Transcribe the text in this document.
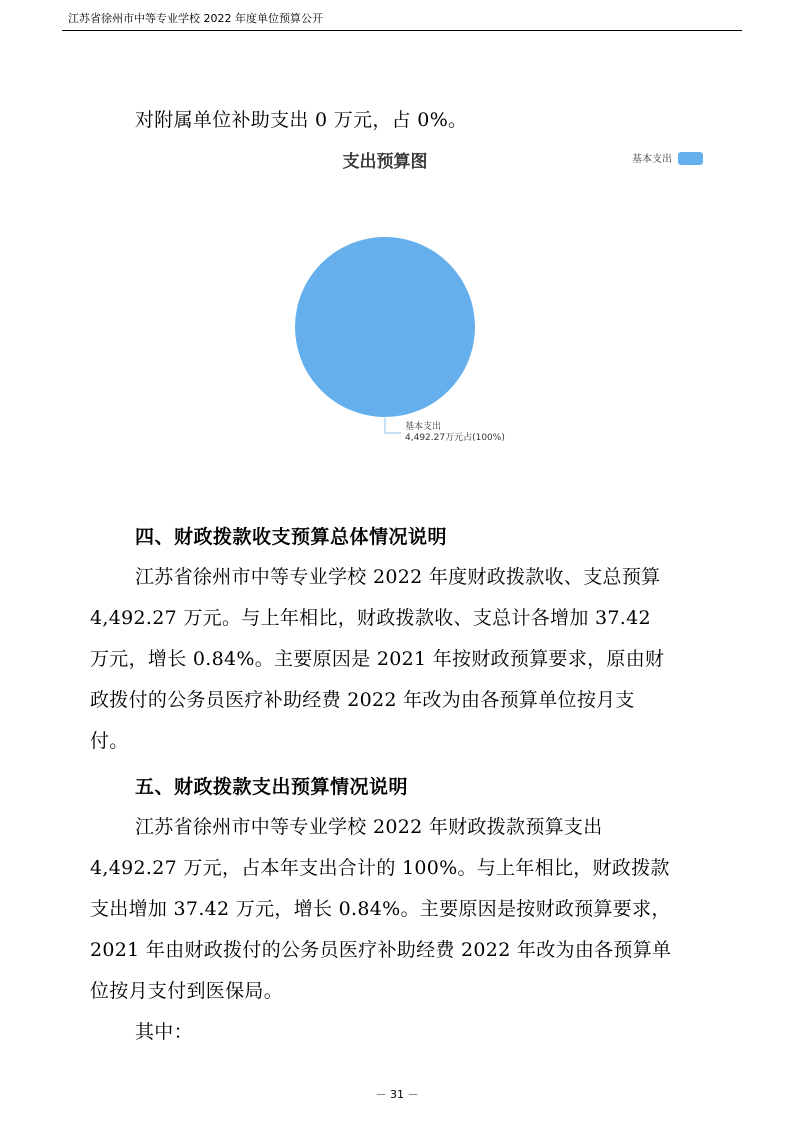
江苏省徐州市中等专业学校 2022 年度单位预算公开
对附属单位补助支出 0 万元，占 0%。
支出预算图	基本支出
基本支出
4,492.27万元占(100%)
四、财政拨款收支预算总体情况说明
江苏省徐州市中等专业学校 2022 年度财政拨款收、支总预算
4,492.27 万元。与上年相比，财政拨款收、支总计各增加 37.42
万元，增长 0.84%。主要原因是 2021 年按财政预算要求，原由财
政拨付的公务员医疗补助经费 2022 年改为由各预算单位按月支
付。
五、财政拨款支出预算情况说明
江苏省徐州市中等专业学校 2022 年财政拨款预算支出
4,492.27 万元，占本年支出合计的 100%。与上年相比，财政拨款
支出增加 37.42 万元，增长 0.84%。主要原因是按财政预算要求，
2021 年由财政拨付的公务员医疗补助经费 2022 年改为由各预算单
位按月支付到医保局。
其中：
－ 31 －
